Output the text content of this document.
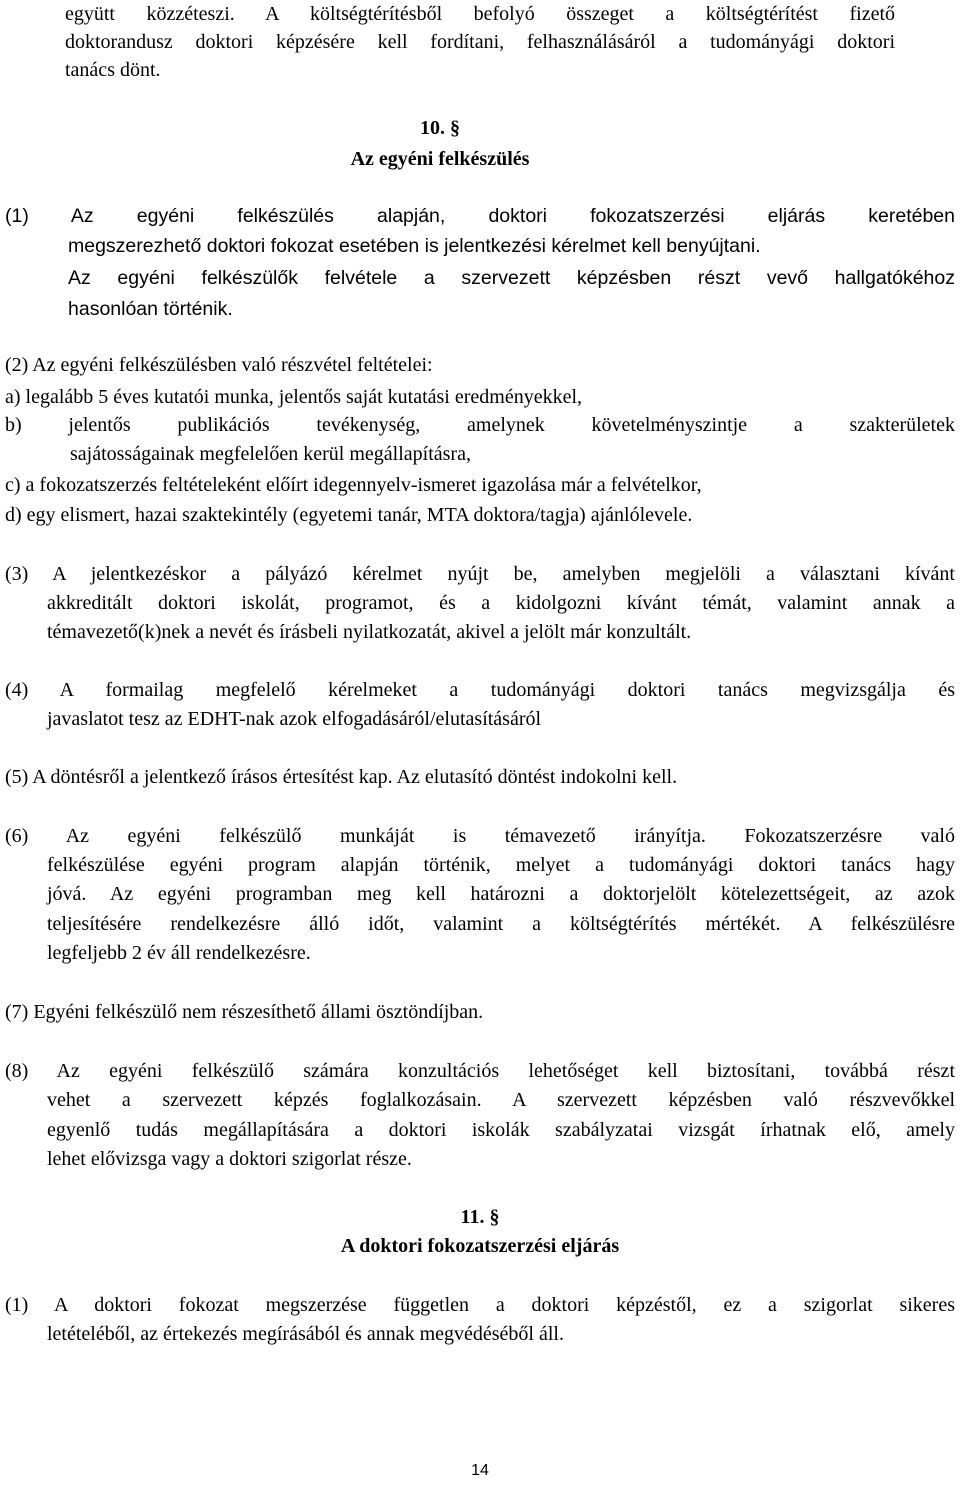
együtt közzéteszi. A költségtérítésből befolyó összeget a költségtérítést fizető
doktorandusz doktori képzésére kell fordítani, felhasználásáról a tudományági doktori
tanács dönt.
10. §
Az egyéni felkészülés
(1) Az egyéni felkészülés alapján, doktori fokozatszerzési eljárás keretében
megszerezhető doktori fokozat esetében is jelentkezési kérelmet kell benyújtani.
Az egyéni felkészülők felvétele a szervezett képzésben részt vevő hallgatókéhoz
hasonlóan történik.
(2) Az egyéni felkészülésben való részvétel feltételei:
a) legalább 5 éves kutatói munka, jelentős saját kutatási eredményekkel,
b) jelentős publikációs tevékenység, amelynek követelményszintje a szakterületek
sajátosságainak megfelelően kerül megállapításra,
c) a fokozatszerzés feltételeként előírt idegennyelv-ismeret igazolása már a felvételkor,
d) egy elismert, hazai szaktekintély (egyetemi tanár, MTA doktora/tagja) ajánlólevele.
(3) A jelentkezéskor a pályázó kérelmet nyújt be, amelyben megjelöli a választani kívánt
akkreditált doktori iskolát, programot, és a kidolgozni kívánt témát, valamint annak a
témavezető(k)nek a nevét és írásbeli nyilatkozatát, akivel a jelölt már konzultált.
(4) A formailag megfelelő kérelmeket a tudományági doktori tanács megvizsgálja és
javaslatot tesz az EDHT-nak azok elfogadásáról/elutasításáról
(5) A döntésről a jelentkező írásos értesítést kap. Az elutasító döntést indokolni kell.
(6) Az egyéni felkészülő munkáját is témavezető irányítja. Fokozatszerzésre való
felkészülése egyéni program alapján történik, melyet a tudományági doktori tanács hagy
jóvá. Az egyéni programban meg kell határozni a doktorjelölt kötelezettségeit, az azok
teljesítésére rendelkezésre álló időt, valamint a költségtérítés mértékét. A felkészülésre
legfeljebb 2 év áll rendelkezésre.
(7) Egyéni felkészülő nem részesíthető állami ösztöndíjban.
(8) Az egyéni felkészülő számára konzultációs lehetőséget kell biztosítani, továbbá részt
vehet a szervezett képzés foglalkozásain. A szervezett képzésben való részvevőkkel
egyenlő tudás megállapítására a doktori iskolák szabályzatai vizsgát írhatnak elő, amely
lehet elővizsga vagy a doktori szigorlat része.
11. §
A doktori fokozatszerzési eljárás
(1) A doktori fokozat megszerzése független a doktori képzéstől, ez a szigorlat sikeres
letételéből, az értekezés megírásából és annak megvédéséből áll.
14
